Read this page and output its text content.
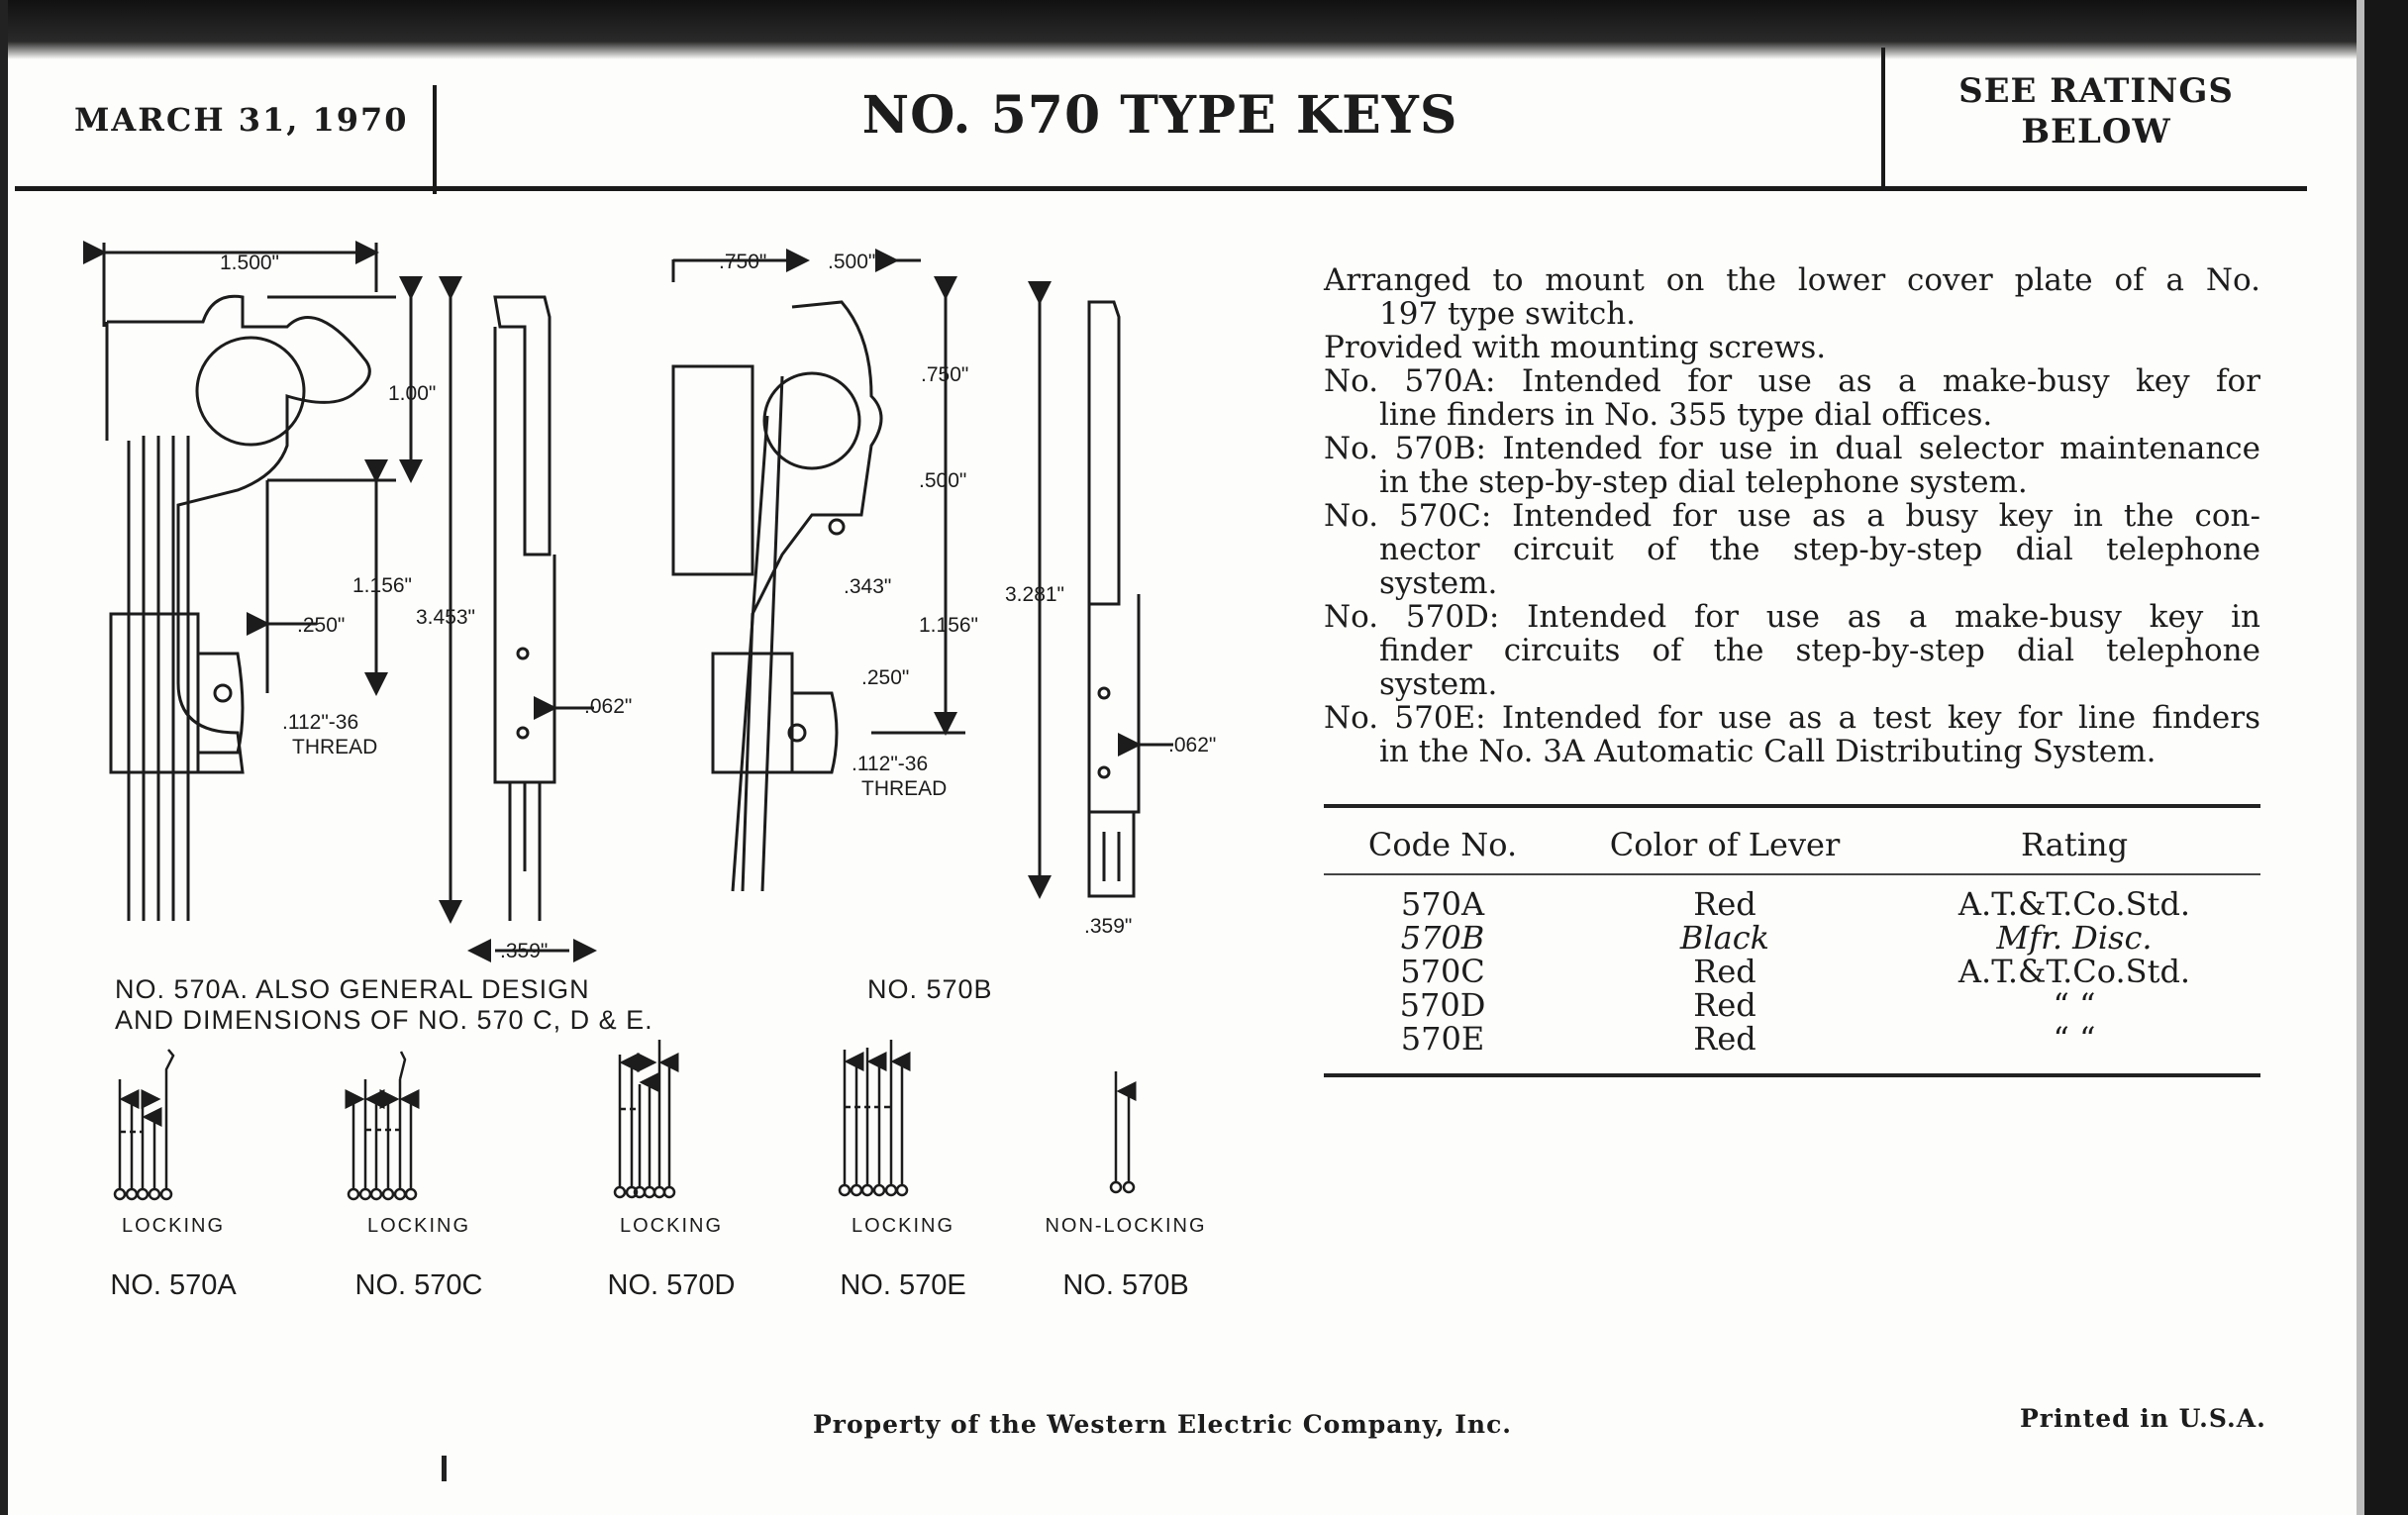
MARCH 31, 1970	NO. 570 TYPE KEYS	SEE RATINGS
BELOW
Arranged to mount on the lower cover plate of a No.
197 type switch.
Provided with mounting screws.
No. 570A: Intended for use as a make-busy key for
line finders in No. 355 type dial offices.
No. 570B: Intended for use in dual selector maintenance
in the step-by-step dial telephone system.
No. 570C: Intended for use as a busy key in the con-
nector circuit of the step-by-step dial telephone
system.
No. 570D: Intended for use as a make-busy key in
finder circuits of the step-by-step dial telephone
system.
No. 570E: Intended for use as a test key for line finders
in the No. 3A Automatic Call Distributing System.
Code No.	Color of Lever	Rating
570A	Red	A.T.&T.Co.Std.
570B	Black	Mfr. Disc.
570C	Red	A.T.&T.Co.Std.
570D	Red	“ “
570E	Red	“ “
1.500"
1.00"
1.156"
.250"	3.453"
.112"-36
THREAD
.062"
.359"
.750"	.500"
.750"
.500"
.343"
1.156"
.250"
3.281"
.112"-36
THREAD
.062"
.359"
NO. 570A. ALSO GENERAL DESIGN
AND DIMENSIONS OF NO. 570 C, D & E.
NO. 570B
LOCKING
NO. 570A
LOCKING
NO. 570C
LOCKING
NO. 570D
LOCKING
NO. 570E
NON-LOCKING
NO. 570B
Property of the Western Electric Company, Inc.	Printed in U.S.A.
